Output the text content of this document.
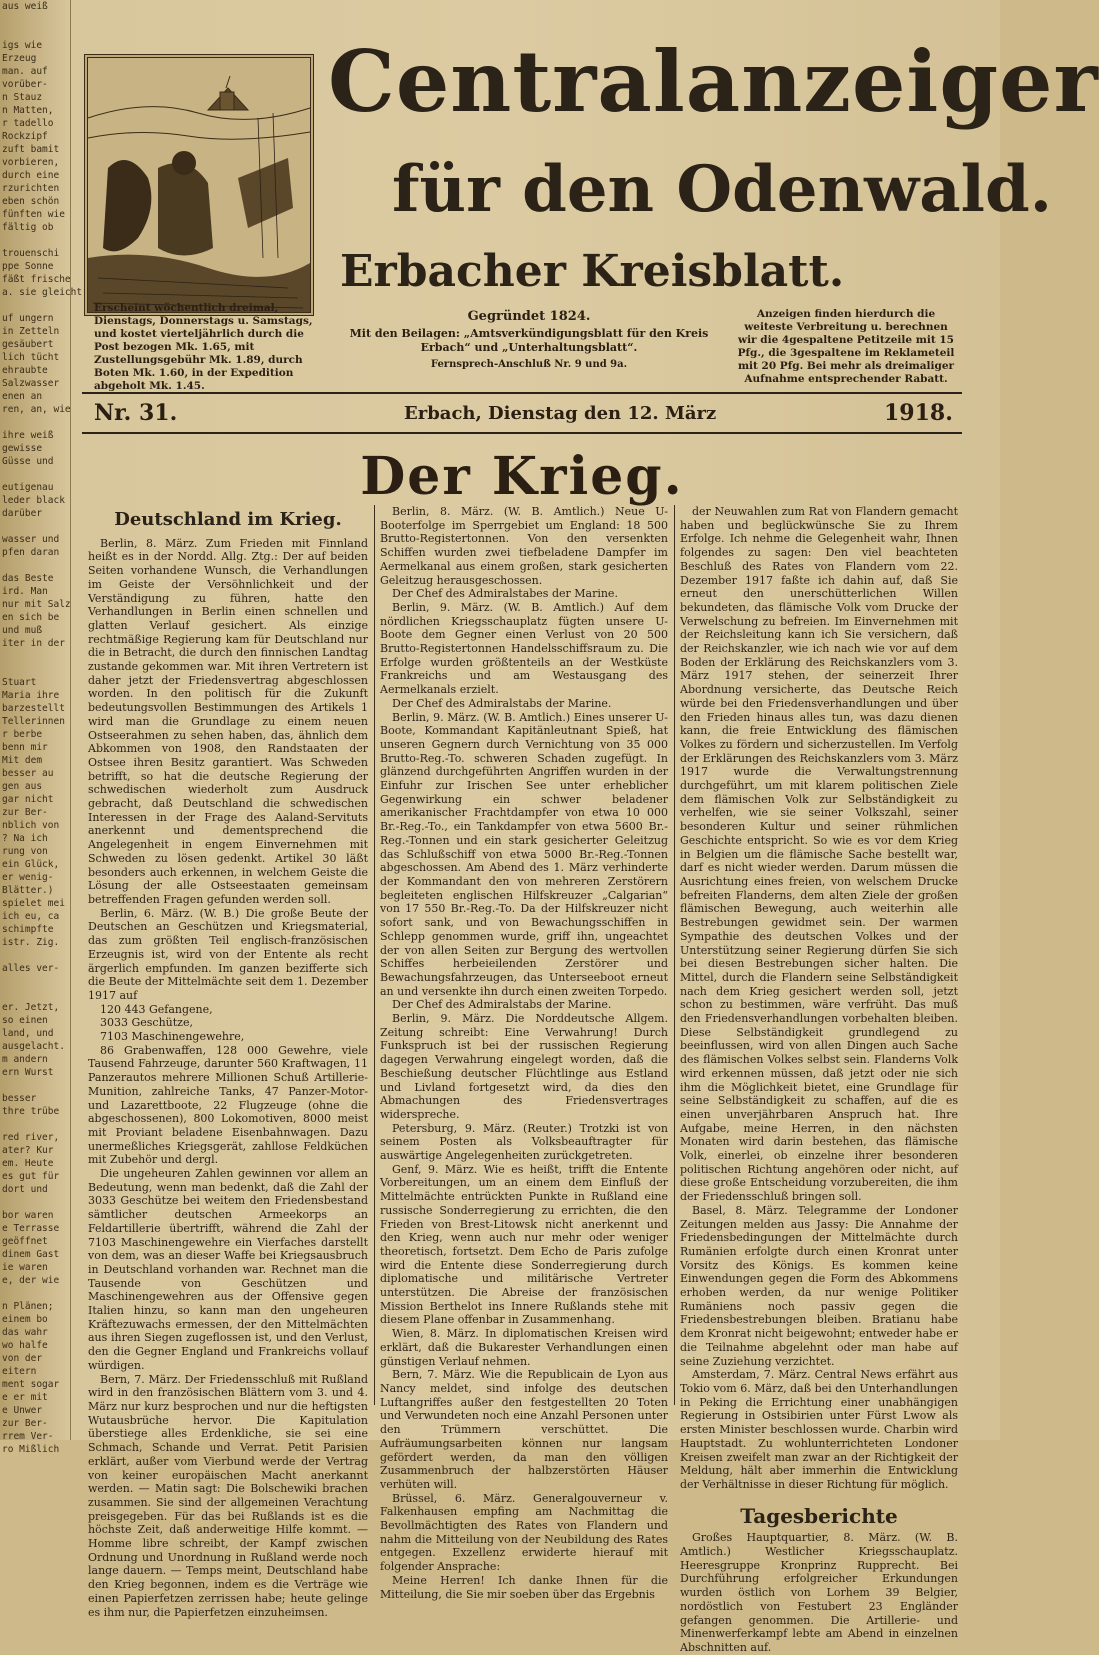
aus weiß

igs wie
Erzeug
man. auf
vorüber-
n Stauz
n Matten,
r tadello
Rockzipf
zuft bamit
vorbieren,
durch eine
rzurichten
eben schön
fünften wie
fältig ob

trouenschi
ppe Sonne
fäßt frische
a. sie gleicht

uf ungern
in Zetteln
gesäubert
lich tücht
ehraubte
Salzwasser
enen an
ren, an, wie

ihre weiß
gewisse
Güsse und

eutigenau
leder black
darüber

wasser und
pfen daran

das Beste
ird. Man
nur mit Salz
en sich be
und muß
iter in der

Stuart
Maria ihre
barzestellt
Tellerinnen
r berbe
benn mir
Mit dem
besser au
gen aus
gar nicht
zur Ber-
nblich von
? Na ich
rung von
ein Glück,
er wenig-
Blätter.)
spielet mei
ich eu, ca
schimpfte
istr. Zig.

alles ver-

er. Jetzt,
so einen
land, und
ausgelacht.
m andern
ern Wurst

besser
thre trübe

red river,
ater? Kur
em. Heute
es gut für
dort und

bor waren
e Terrasse
geöffnet
dinem Gast
ie waren
e, der wie

n Plänen;
einem bo
das wahr
wo halfe
von der
eitern
ment sogar
e er mit
e Unwer
zur Ber-
rrem Ver-
ro Mißlich
Centralanzeiger
für den Odenwald.
Erbacher Kreisblatt.
Erscheint wöchentlich dreimal, Dienstags, Donnerstags u. Samstags, und kostet vierteljährlich durch die Post bezogen Mk. 1.65, mit Zustellungsgebühr Mk. 1.89, durch Boten Mk. 1.60, in der Expedition abgeholt Mk. 1.45.
Gegründet 1824.
Mit den Beilagen: „Amtsverkündigungsblatt für den Kreis Erbach“ und „Unterhaltungsblatt“.
Fernsprech-Anschluß Nr. 9 und 9a.
Anzeigen finden hierdurch die weiteste Verbreitung u. berechnen wir die 4gespaltene Petitzeile mit 15 Pfg., die 3gespaltene im Reklameteil mit 20 Pfg. Bei mehr als dreimaliger Aufnahme entsprechender Rabatt.
Nr. 31.	Erbach, Dienstag den 12. März	1918.
Der Krieg.
Deutschland im Krieg.

Berlin, 8. März. Zum Frieden mit Finnland heißt es in der Nordd. Allg. Ztg.: Der auf beiden Seiten vorhandene Wunsch, die Verhandlungen im Geiste der Versöhnlichkeit und der Verständigung zu führen, hatte den Verhandlungen in Berlin einen schnellen und glatten Verlauf gesichert. Als einzige rechtmäßige Regierung kam für Deutschland nur die in Betracht, die durch den finnischen Landtag zustande gekommen war. Mit ihren Vertretern ist daher jetzt der Friedensvertrag abgeschlossen worden. In den politisch für die Zukunft bedeutungsvollen Bestimmungen des Artikels 1 wird man die Grundlage zu einem neuen Ostseerahmen zu sehen haben, das, ähnlich dem Abkommen von 1908, den Randstaaten der Ostsee ihren Besitz garantiert. Was Schweden betrifft, so hat die deutsche Regierung der schwedischen wiederholt zum Ausdruck gebracht, daß Deutschland die schwedischen Interessen in der Frage des Aaland-Servituts anerkennt und dementsprechend die Angelegenheit in engem Einvernehmen mit Schweden zu lösen gedenkt. Artikel 30 läßt besonders auch erkennen, in welchem Geiste die Lösung der alle Ostseestaaten gemeinsam betreffenden Fragen gefunden werden soll.

Berlin, 6. März. (W. B.) Die große Beute der Deutschen an Geschützen und Kriegsmaterial, das zum größten Teil englisch-französischen Erzeugnis ist, wird von der Entente als recht ärgerlich empfunden. Im ganzen bezifferte sich die Beute der Mittelmächte seit dem 1. Dezember 1917 auf

120 443 Gefangene,

3033 Geschütze,

7103 Maschinengewehre,

86 Grabenwaffen, 128 000 Gewehre, viele Tausend Fahrzeuge, darunter 560 Kraftwagen, 11 Panzerautos mehrere Millionen Schuß Artillerie-Munition, zahlreiche Tanks, 47 Panzer-Motor- und Lazarettboote, 22 Flugzeuge (ohne die abgeschossenen), 800 Lokomotiven, 8000 meist mit Proviant beladene Eisenbahnwagen. Dazu unermeßliches Kriegsgerät, zahllose Feldküchen mit Zubehör und dergl.

Die ungeheuren Zahlen gewinnen vor allem an Bedeutung, wenn man bedenkt, daß die Zahl der 3033 Geschütze bei weitem den Friedensbestand sämtlicher deutschen Armeekorps an Feldartillerie übertrifft, während die Zahl der 7103 Maschinengewehre ein Vierfaches darstellt von dem, was an dieser Waffe bei Kriegsausbruch in Deutschland vorhanden war. Rechnet man die Tausende von Geschützen und Maschinengewehren aus der Offensive gegen Italien hinzu, so kann man den ungeheuren Kräftezuwachs ermessen, der den Mittelmächten aus ihren Siegen zugeflossen ist, und den Verlust, den die Gegner England und Frankreichs vollauf würdigen.

Bern, 7. März. Der Friedensschluß mit Rußland wird in den französischen Blättern vom 3. und 4. März nur kurz besprochen und nur die heftigsten Wutausbrüche hervor. Die Kapitulation überstiege alles Erdenkliche, sie sei eine Schmach, Schande und Verrat. Petit Parisien erklärt, außer vom Vierbund werde der Vertrag von keiner europäischen Macht anerkannt werden. — Matin sagt: Die Bolschewiki brachen zusammen. Sie sind der allgemeinen Verachtung preisgegeben. Für das bei Rußlands ist es die höchste Zeit, daß anderweitige Hilfe kommt. — Homme libre schreibt, der Kampf zwischen Ordnung und Unordnung in Rußland werde noch lange dauern. — Temps meint, Deutschland habe den Krieg begonnen, indem es die Verträge wie einen Papierfetzen zerrissen habe; heute gelinge es ihm nur, die Papierfetzen einzuheimsen.

Berlin, 8. März. (W. B. Amtlich.) Neue U-Booterfolge im Sperrgebiet um England: 18 500 Brutto-Registertonnen. Von den versenkten Schiffen wurden zwei tiefbeladene Dampfer im Aermelkanal aus einem großen, stark gesicherten Geleitzug herausgeschossen.

Der Chef des Admiralstabes der Marine.

Berlin, 9. März. (W. B. Amtlich.) Auf dem nördlichen Kriegsschauplatz fügten unsere U-Boote dem Gegner einen Verlust von 20 500 Brutto-Registertonnen Handelsschiffsraum zu. Die Erfolge wurden größtenteils an der Westküste Frankreichs und am Westausgang des Aermelkanals erzielt.

Der Chef des Admiralstabs der Marine.

Berlin, 9. März. (W. B. Amtlich.) Eines unserer U-Boote, Kommandant Kapitänleutnant Spieß, hat unseren Gegnern durch Vernichtung von 35 000 Brutto-Reg.-To. schweren Schaden zugefügt. In glänzend durchgeführten Angriffen wurden in der Einfuhr zur Irischen See unter erheblicher Gegenwirkung ein schwer beladener amerikanischer Frachtdampfer von etwa 10 000 Br.-Reg.-To., ein Tankdampfer von etwa 5600 Br.-Reg.-Tonnen und ein stark gesicherter Geleitzug das Schlußschiff von etwa 5000 Br.-Reg.-Tonnen abgeschossen. Am Abend des 1. März verhinderte der Kommandant den von mehreren Zerstörern begleiteten englischen Hilfskreuzer „Calgarian“ von 17 550 Br.-Reg.-To. Da der Hilfskreuzer nicht sofort sank, und von Bewachungsschiffen in Schlepp genommen wurde, griff ihn, ungeachtet der von allen Seiten zur Bergung des wertvollen Schiffes herbeieilenden Zerstörer und Bewachungsfahrzeugen, das Unterseeboot erneut an und versenkte ihn durch einen zweiten Torpedo.

Der Chef des Admiralstabs der Marine.

Berlin, 9. März. Die Norddeutsche Allgem. Zeitung schreibt: Eine Verwahrung! Durch Funkspruch ist bei der russischen Regierung dagegen Verwahrung eingelegt worden, daß die Beschießung deutscher Flüchtlinge aus Estland und Livland fortgesetzt wird, da dies den Abmachungen des Friedensvertrages widerspreche.

Petersburg, 9. März. (Reuter.) Trotzki ist von seinem Posten als Volksbeauftragter für auswärtige Angelegenheiten zurückgetreten.

Genf, 9. März. Wie es heißt, trifft die Entente Vorbereitungen, um an einem dem Einfluß der Mittelmächte entrückten Punkte in Rußland eine russische Sonderregierung zu errichten, die den Frieden von Brest-Litowsk nicht anerkennt und den Krieg, wenn auch nur mehr oder weniger theoretisch, fortsetzt. Dem Echo de Paris zufolge wird die Entente diese Sonderregierung durch diplomatische und militärische Vertreter unterstützen. Die Abreise der französischen Mission Berthelot ins Innere Rußlands stehe mit diesem Plane offenbar in Zusammenhang.

Wien, 8. März. In diplomatischen Kreisen wird erklärt, daß die Bukarester Verhandlungen einen günstigen Verlauf nehmen.

Bern, 7. März. Wie die Republicain de Lyon aus Nancy meldet, sind infolge des deutschen Luftangriffes außer den festgestellten 20 Toten und Verwundeten noch eine Anzahl Personen unter den Trümmern verschüttet. Die Aufräumungsarbeiten können nur langsam gefördert werden, da man den völligen Zusammenbruch der halbzerstörten Häuser verhüten will.

Brüssel, 6. März. Generalgouverneur v. Falkenhausen empfing am Nachmittag die Bevollmächtigten des Rates von Flandern und nahm die Mitteilung von der Neubildung des Rates entgegen. Exzellenz erwiderte hierauf mit folgender Ansprache:

Meine Herren! Ich danke Ihnen für die Mitteilung, die Sie mir soeben über das Ergebnis

der Neuwahlen zum Rat von Flandern gemacht haben und beglückwünsche Sie zu Ihrem Erfolge. Ich nehme die Gelegenheit wahr, Ihnen folgendes zu sagen: Den viel beachteten Beschluß des Rates von Flandern vom 22. Dezember 1917 faßte ich dahin auf, daß Sie erneut den unerschütterlichen Willen bekundeten, das flämische Volk vom Drucke der Verwelschung zu befreien. Im Einvernehmen mit der Reichsleitung kann ich Sie versichern, daß der Reichskanzler, wie ich nach wie vor auf dem Boden der Erklärung des Reichskanzlers vom 3. März 1917 stehen, der seinerzeit Ihrer Abordnung versicherte, das Deutsche Reich würde bei den Friedensverhandlungen und über den Frieden hinaus alles tun, was dazu dienen kann, die freie Entwicklung des flämischen Volkes zu fördern und sicherzustellen. Im Verfolg der Erklärungen des Reichskanzlers vom 3. März 1917 wurde die Verwaltungstrennung durchgeführt, um mit klarem politischen Ziele dem flämischen Volk zur Selbständigkeit zu verhelfen, wie sie seiner Volkszahl, seiner besonderen Kultur und seiner rühmlichen Geschichte entspricht. So wie es vor dem Krieg in Belgien um die flämische Sache bestellt war, darf es nicht wieder werden. Darum müssen die Ausrichtung eines freien, von welschem Drucke befreiten Flanderns, dem alten Ziele der großen flämischen Bewegung, auch weiterhin alle Bestrebungen gewidmet sein. Der warmen Sympathie des deutschen Volkes und der Unterstützung seiner Regierung dürfen Sie sich bei diesen Bestrebungen sicher halten. Die Mittel, durch die Flandern seine Selbständigkeit nach dem Krieg gesichert werden soll, jetzt schon zu bestimmen, wäre verfrüht. Das muß den Friedensverhandlungen vorbehalten bleiben. Diese Selbständigkeit grundlegend zu beeinflussen, wird von allen Dingen auch Sache des flämischen Volkes selbst sein. Flanderns Volk wird erkennen müssen, daß jetzt oder nie sich ihm die Möglichkeit bietet, eine Grundlage für seine Selbständigkeit zu schaffen, auf die es einen unverjährbaren Anspruch hat. Ihre Aufgabe, meine Herren, in den nächsten Monaten wird darin bestehen, das flämische Volk, einerlei, ob einzelne ihrer besonderen politischen Richtung angehören oder nicht, auf diese große Entscheidung vorzubereiten, die ihm der Friedensschluß bringen soll.

Basel, 8. März. Telegramme der Londoner Zeitungen melden aus Jassy: Die Annahme der Friedensbedingungen der Mittelmächte durch Rumänien erfolgte durch einen Kronrat unter Vorsitz des Königs. Es kommen keine Einwendungen gegen die Form des Abkommens erhoben werden, da nur wenige Politiker Rumäniens noch passiv gegen die Friedensbestrebungen bleiben. Bratianu habe dem Kronrat nicht beigewohnt; entweder habe er die Teilnahme abgelehnt oder man habe auf seine Zuziehung verzichtet.

Amsterdam, 7. März. Central News erfährt aus Tokio vom 6. März, daß bei den Unterhandlungen in Peking die Errichtung einer unabhängigen Regierung in Ostsibirien unter Fürst Lwow als ersten Minister beschlossen wurde. Charbin wird Hauptstadt. Zu wohlunterrichteten Londoner Kreisen zweifelt man zwar an der Richtigkeit der Meldung, hält aber immerhin die Entwicklung der Verhältnisse in dieser Richtung für möglich.

Tagesberichte

Großes Hauptquartier, 8. März. (W. B. Amtlich.) Westlicher Kriegsschauplatz. Heeresgruppe Kronprinz Rupprecht. Bei Durchführung erfolgreicher Erkundungen wurden östlich von Lorhem 39 Belgier, nordöstlich von Festubert 23 Engländer gefangen genommen. Die Artillerie- und Minenwerferkampf lebte am Abend in einzelnen Abschnitten auf.
